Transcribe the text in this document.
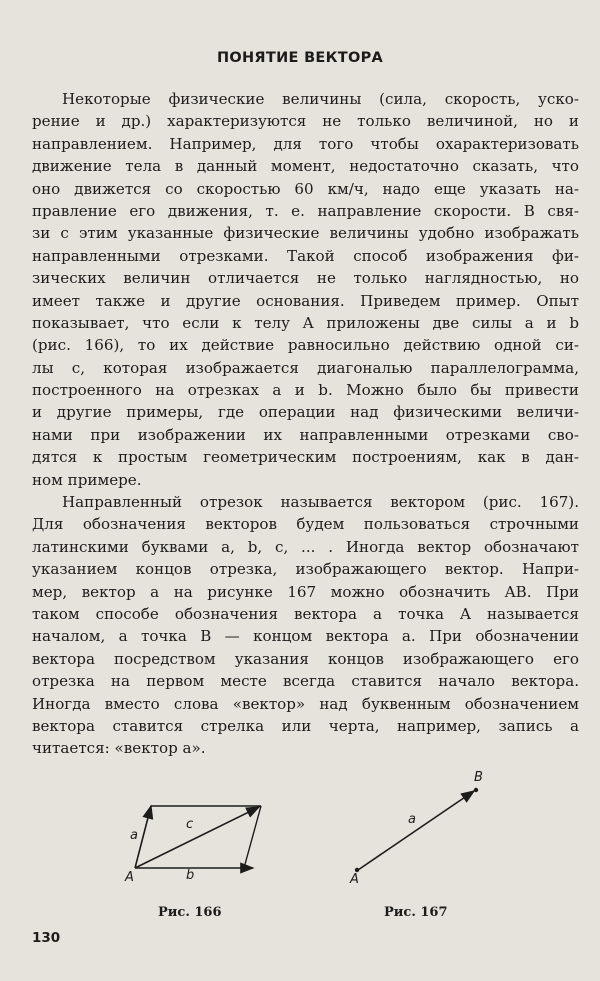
ПОНЯТИЕ ВЕКТОРА
Некоторые физические величины (сила, скорость, уско-
рение и др.) характеризуются не только величиной, но и
направлением. Например, для того чтобы охарактеризовать
движение тела в данный момент, недостаточно сказать, что
оно движется со скоростью 60 км/ч, надо еще указать на-
правление его движения, т. е. направление скорости. В свя-
зи с этим указанные физические величины удобно изображать
направленными отрезками. Такой способ изображения фи-
зических величин отличается не только наглядностью, но
имеет также и другие основания. Приведем пример. Опыт
показывает, что если к телу A приложены две силы a и b
(рис. 166), то их действие равносильно действию одной си-
лы c, которая изображается диагональю параллелограмма,
построенного на отрезках a и b. Можно было бы привести
и другие примеры, где операции над физическими величи-
нами при изображении их направленными отрезками сво-
дятся к простым геометрическим построениям, как в дан-
ном примере.
Направленный отрезок называется вектором (рис. 167).
Для обозначения векторов будем пользоваться строчными
латинскими буквами a, b, c, ... . Иногда вектор обозначают
указанием концов отрезка, изображающего вектор. Напри-
мер, вектор a на рисунке 167 можно обозначить AB. При
таком способе обозначения вектора a точка A называется
началом, а точка B — концом вектора a. При обозначении
вектора посредством указания концов изображающего его
отрезка на первом месте всегда ставится начало вектора.
Иногда вместо слова «вектор» над буквенным обозначением
вектора ставится стрелка или черта, например, запись a
читается: «вектор a».
a
c
b
A
a
A
B
Рис. 166	Рис. 167
130
